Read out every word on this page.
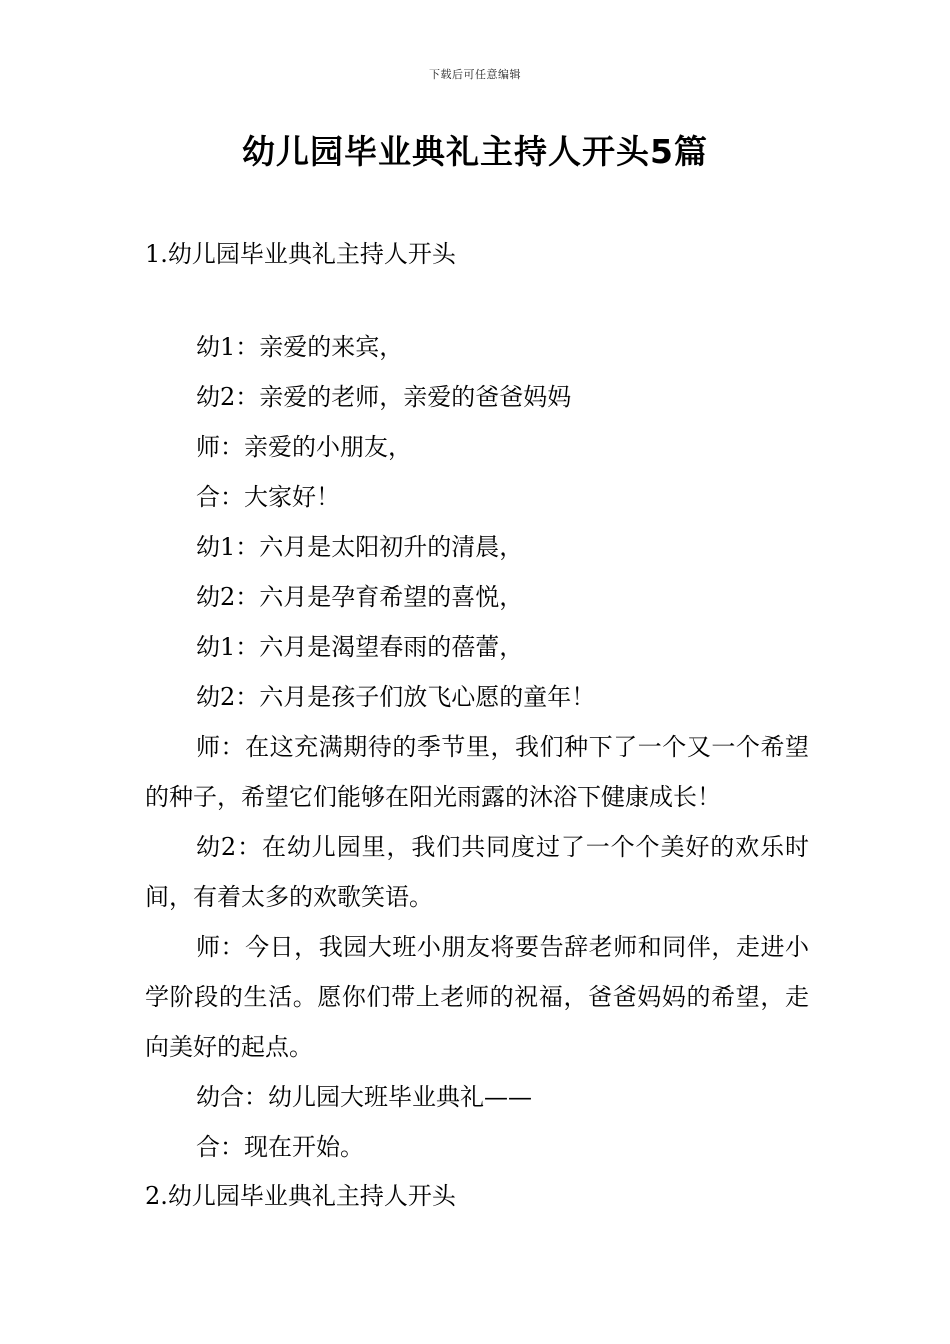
下载后可任意编辑
幼儿园毕业典礼主持人开头5篇
1.幼儿园毕业典礼主持人开头

幼1：亲爱的来宾，

幼2：亲爱的老师，亲爱的爸爸妈妈

师：亲爱的小朋友，

合：大家好！

幼1：六月是太阳初升的清晨，

幼2：六月是孕育希望的喜悦，

幼1：六月是渴望春雨的蓓蕾，

幼2：六月是孩子们放飞心愿的童年！

师：在这充满期待的季节里，我们种下了一个又一个希望的种子，希望它们能够在阳光雨露的沐浴下健康成长！

幼2：在幼儿园里，我们共同度过了一个个美好的欢乐时间，有着太多的欢歌笑语。

师：今日，我园大班小朋友将要告辞老师和同伴，走进小学阶段的生活。愿你们带上老师的祝福，爸爸妈妈的希望，走向美好的起点。

幼合：幼儿园大班毕业典礼——

合：现在开始。

2.幼儿园毕业典礼主持人开头
